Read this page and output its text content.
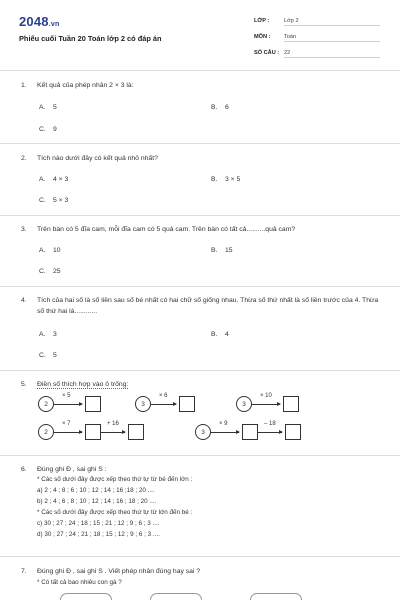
2048.vn
Phiếu cuối Tuần 20 Toán lớp 2 có đáp án
LỚP :	Lớp 2
MÔN : Toán
SỐ CÂU : 22
1. Kết quả của phép nhân 2 × 3 là:
A. 5	B. 6
C. 9
2. Tích nào dưới đây có kết quả nhỏ nhất?
A. 4 × 3	B. 3 × 5
C. 5 × 3
3. Trên bàn có 5 đĩa cam, mỗi đĩa cam có 5 quả cam. Trên bàn có tất cả..........quả cam?
A. 10	B. 15
C. 25
4. Tích của hai số là số liền sau số bé nhất có hai chữ số giống nhau. Thừa số thứ nhất là số liền trước của 4. Thừa số thứ hai là............
A. 3	B. 4
C. 5
5. Điền số thích hợp vào ô trống:
2
× 5
3
× 6
3
× 10
2
× 7	+ 16
3
× 9	– 18
6. Đúng ghi Đ , sai ghi S :
* Các số dưới đây được xếp theo thứ tự từ bé đến lớn :
a) 2 ; 4 ; 8 ; 6 ; 10 ; 12 ; 14 ; 16 ;18 ; 20 ....
b) 2 ; 4 ; 6 ; 8 ; 10 ; 12 ; 14 ; 16 ; 18 ; 20 ....
* Các số dưới đây được xếp theo thứ tự từ lớn đến bé :
c) 30 ; 27 ; 24 ; 18 ; 15 ; 21 ; 12 ; 9 ; 6 ; 3 ....
d) 30 ; 27 ; 24 ; 21 ; 18 ; 15 ; 12 ; 9 ; 6 ; 3 ....
7. Đúng ghi Đ , sai ghi S . Viết phép nhân đúng hay sai ?
* Có tất cả bao nhiêu con gà ?
